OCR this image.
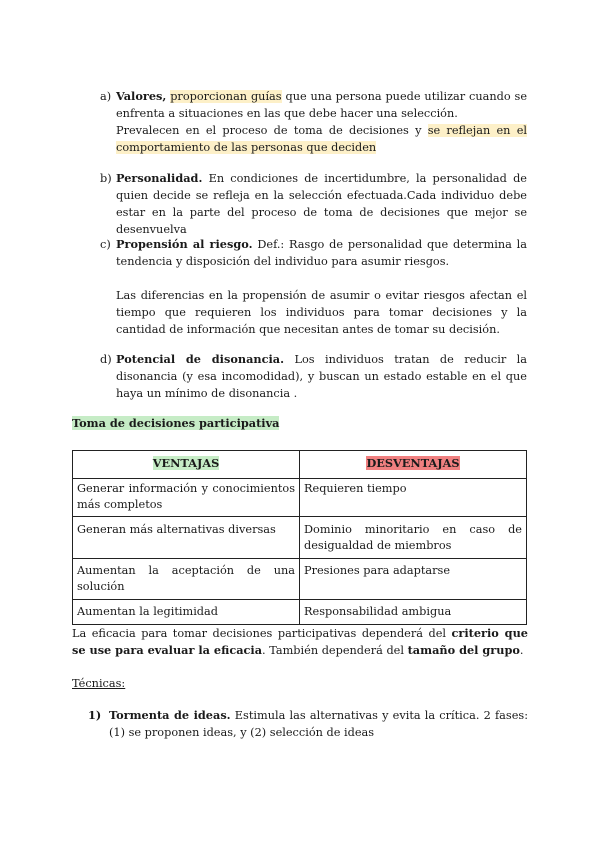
a) Valores, proporcionan guías que una persona puede utilizar cuando se enfrenta a situaciones en las que debe hacer una selección.

Prevalecen en el proceso de toma de decisiones y se reflejan en el comportamiento de las personas que deciden

b) Personalidad. En condiciones de incertidumbre, la personalidad de quien decide se refleja en la selección efectuada.Cada individuo debe estar en la parte del proceso de toma de decisiones que mejor se desenvuelva

c) Propensión al riesgo. Def.: Rasgo de personalidad que determina la tendencia y disposición del individuo para asumir riesgos.

Las diferencias en la propensión de asumir o evitar riesgos afectan el tiempo que requieren los individuos para tomar decisiones y la cantidad de información que necesitan antes de tomar su decisión.

d) Potencial de disonancia. Los individuos tratan de reducir la disonancia (y esa incomodidad), y buscan un estado estable en el que haya un mínimo de disonancia .

Toma de decisiones participativa
VENTAJAS	DESVENTAJAS
Generar información y conocimientos más completos	Requieren tiempo
Generan más alternativas diversas	Dominio minoritario en caso de desigualdad de miembros
Aumentan la aceptación de una solución	Presiones para adaptarse
Aumentan la legitimidad	Responsabilidad ambigua
La eficacia para tomar decisiones participativas dependerá del criterio que se use para evaluar la eficacia. También dependerá del tamaño del grupo.
Técnicas:
1) Tormenta de ideas. Estimula las alternativas y evita la crítica. 2 fases: (1) se proponen ideas, y (2) selección de ideas
